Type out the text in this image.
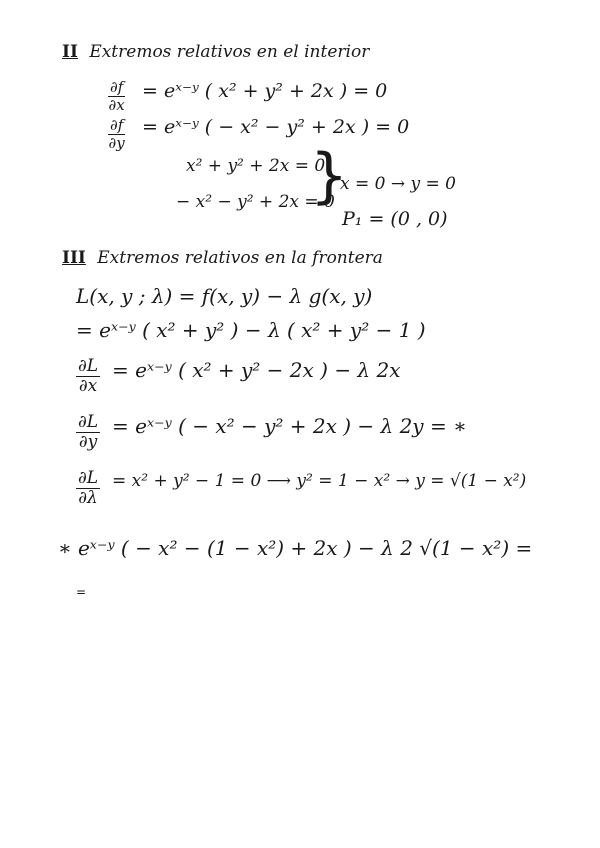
II Extremos relativos en el interior
$\frac{\partial f}{\partial x}$ = eˣ⁻ʸ ( x² + y² + 2x ) = 0
$\frac{\partial f}{\partial y}$ = eˣ⁻ʸ ( − x² − y² + 2x ) = 0
x² + y² + 2x = 0
− x² − y² + 2x = 0
}
x = 0 → y = 0
P₁ = (0 , 0)
III Extremos relativos en la frontera
L(x, y ; λ) = f(x, y) − λ g(x, y)
= eˣ⁻ʸ ( x² + y² ) − λ ( x² + y² − 1 )
$\frac{\partial L}{\partial x}$ = eˣ⁻ʸ ( x² + y² − 2x ) − λ 2x
$\frac{\partial L}{\partial y}$ = eˣ⁻ʸ ( − x² − y² + 2x ) − λ 2y = ∗
$\frac{\partial L}{\partial\lambda} = x^2 + y^2 - 1 = 0$ ⟶ y² = 1 − x² → y = √(1 − x²)
∗ eˣ⁻ʸ ( − x² − (1 − x²) + 2x ) − λ 2 √(1 − x²) =
=
